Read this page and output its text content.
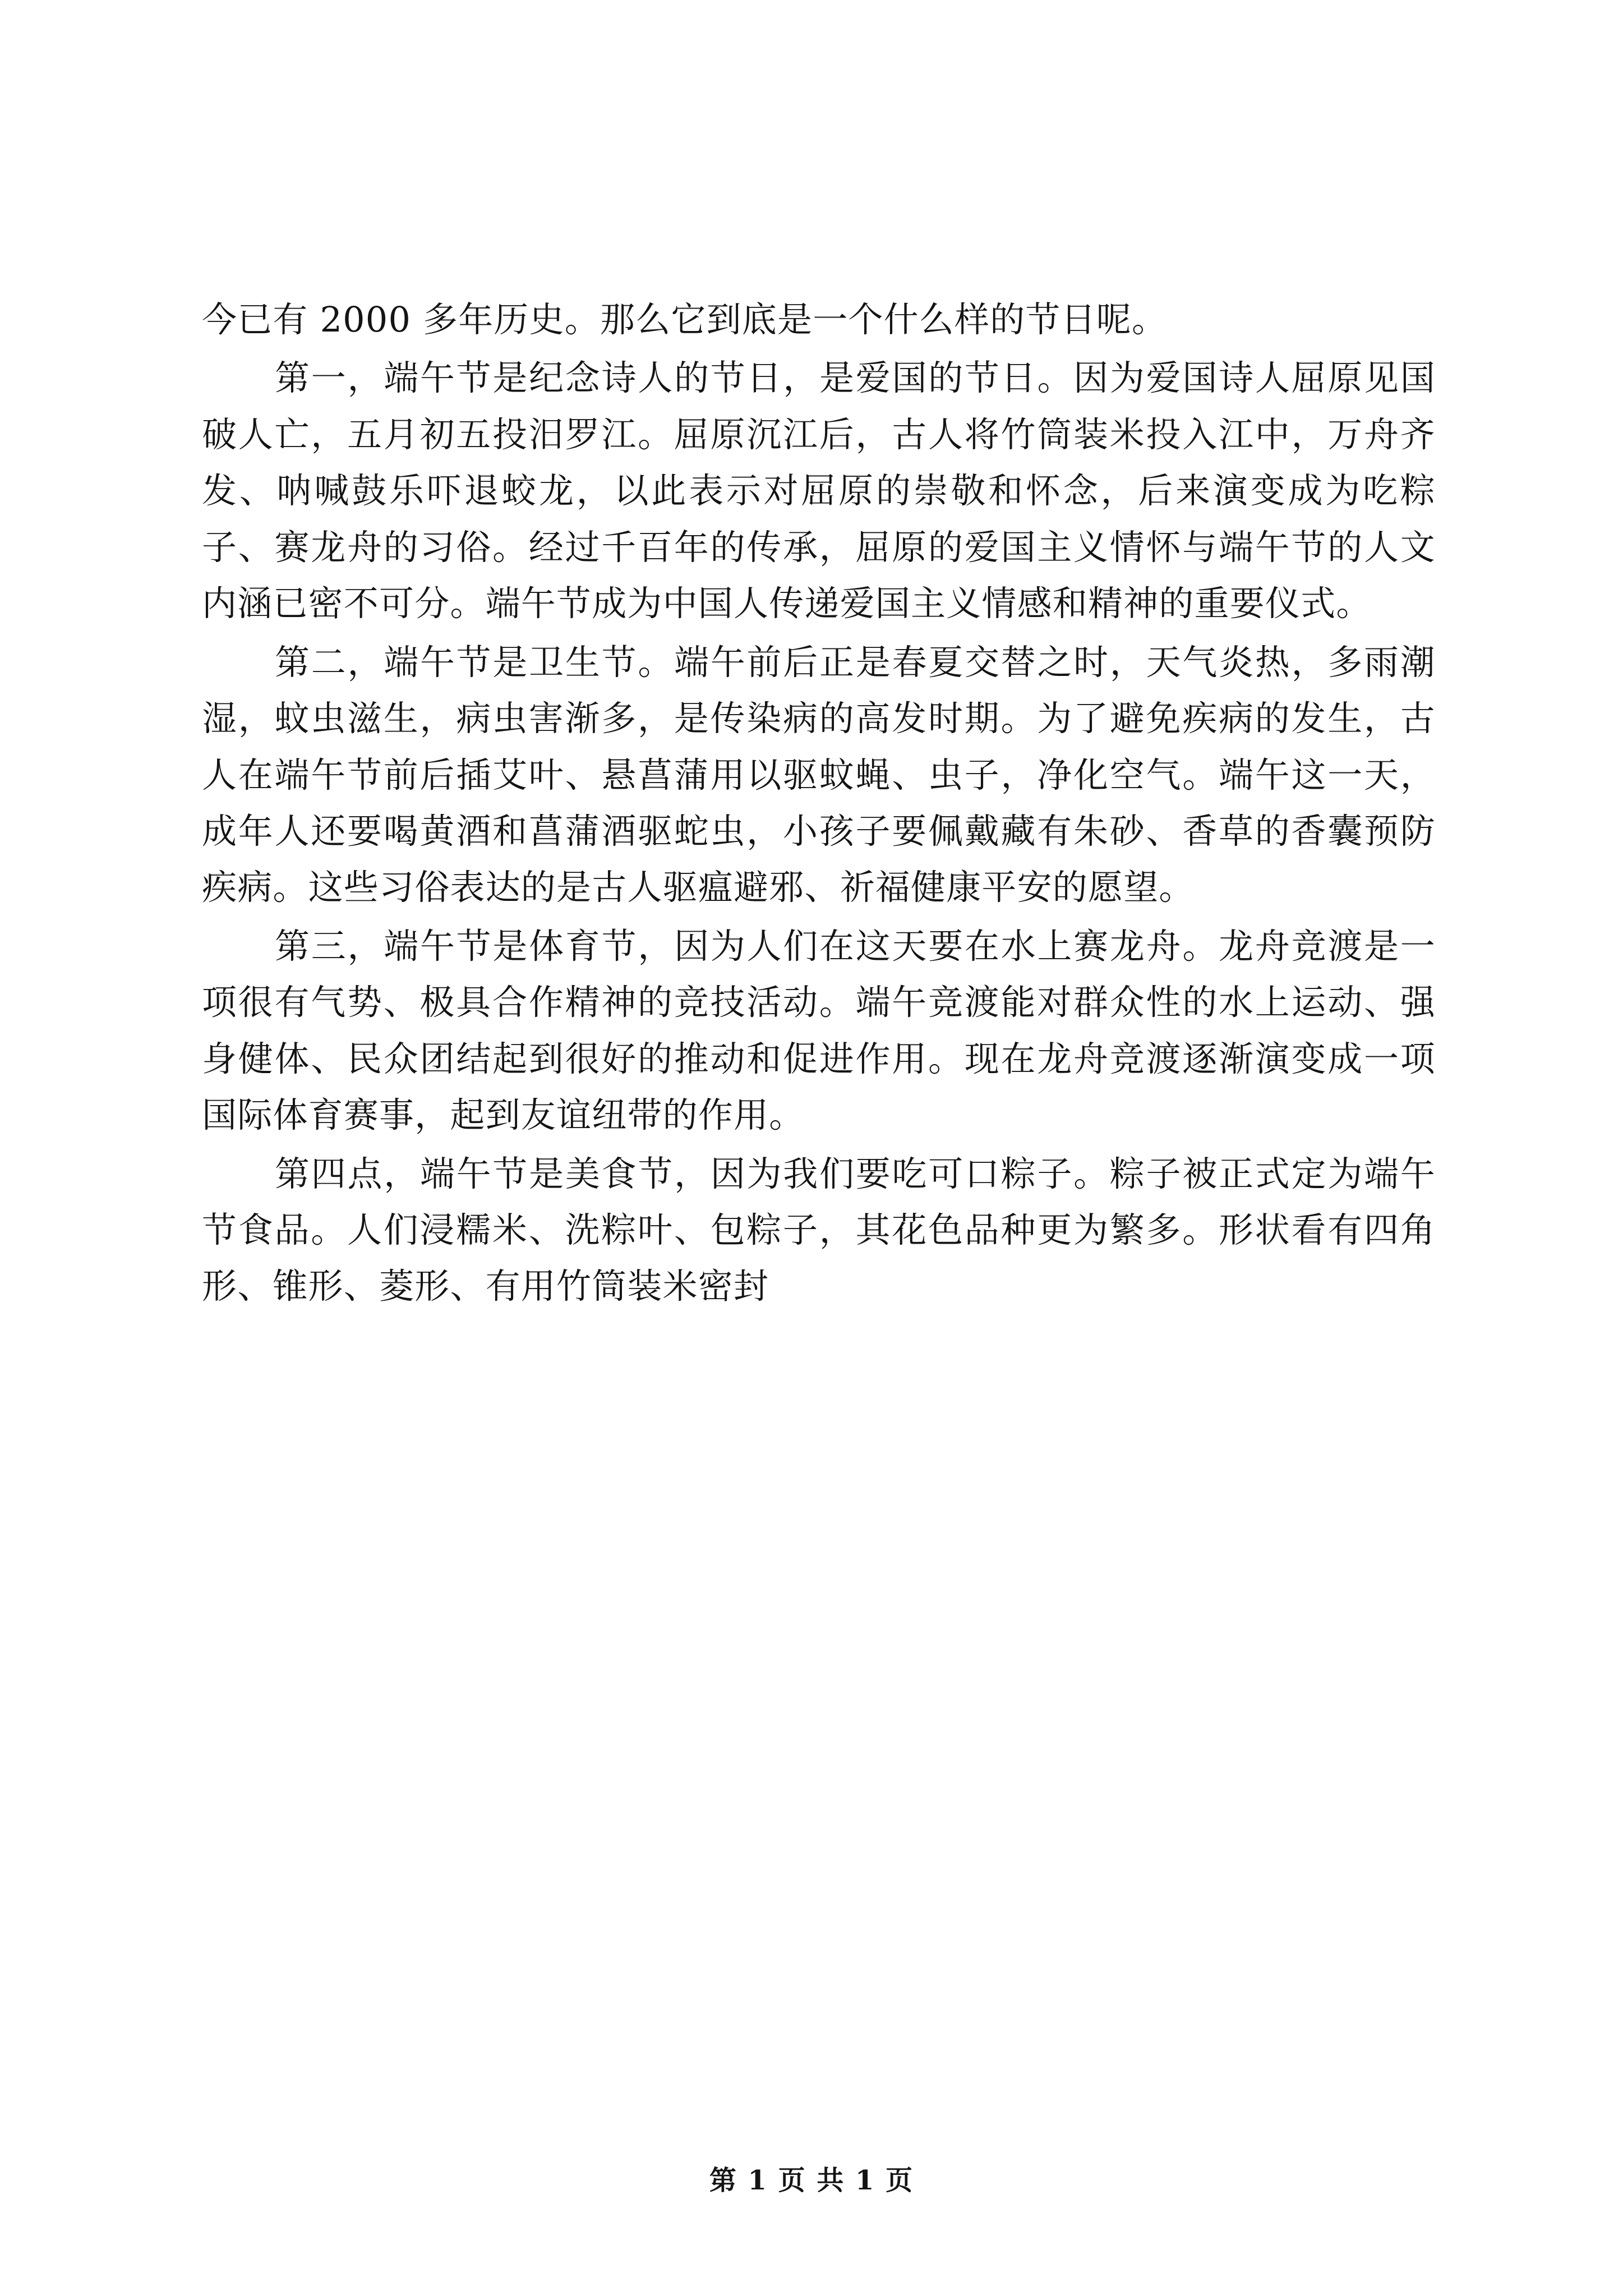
今已有 2000 多年历史。那么它到底是一个什么样的节日呢。

第一，端午节是纪念诗人的节日，是爱国的节日。因为爱国诗人屈原见国破人亡，五月初五投汨罗江。屈原沉江后，古人将竹筒装米投入江中，万舟齐发、呐喊鼓乐吓退蛟龙，以此表示对屈原的崇敬和怀念，后来演变成为吃粽子、赛龙舟的习俗。经过千百年的传承，屈原的爱国主义情怀与端午节的人文内涵已密不可分。端午节成为中国人传递爱国主义情感和精神的重要仪式。

第二，端午节是卫生节。端午前后正是春夏交替之时，天气炎热，多雨潮湿，蚊虫滋生，病虫害渐多，是传染病的高发时期。为了避免疾病的发生，古人在端午节前后插艾叶、悬菖蒲用以驱蚊蝇、虫子，净化空气。端午这一天，成年人还要喝黄酒和菖蒲酒驱蛇虫，小孩子要佩戴藏有朱砂、香草的香囊预防疾病。这些习俗表达的是古人驱瘟避邪、祈福健康平安的愿望。

第三，端午节是体育节，因为人们在这天要在水上赛龙舟。龙舟竞渡是一项很有气势、极具合作精神的竞技活动。端午竞渡能对群众性的水上运动、强身健体、民众团结起到很好的推动和促进作用。现在龙舟竞渡逐渐演变成一项国际体育赛事，起到友谊纽带的作用。

第四点，端午节是美食节，因为我们要吃可口粽子。粽子被正式定为端午节食品。人们浸糯米、洗粽叶、包粽子，其花色品种更为繁多。形状看有四角形、锥形、菱形、有用竹筒装米密封

第 1 页 共 1 页
